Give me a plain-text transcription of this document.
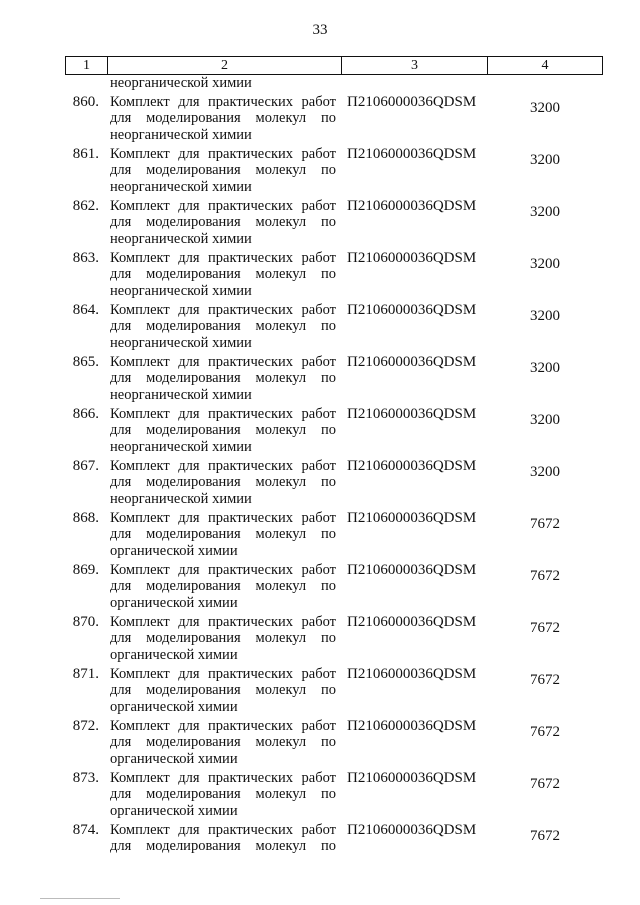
33
1	2	3	4
неорганической химии
860. Комплект для практических работ
для моделирования молекул по
неорганической химии
П2106000036QDSM	3200
861. Комплект для практических работ
для моделирования молекул по
неорганической химии
П2106000036QDSM	3200
862. Комплект для практических работ
для моделирования молекул по
неорганической химии
П2106000036QDSM	3200
863. Комплект для практических работ
для моделирования молекул по
неорганической химии
П2106000036QDSM	3200
864. Комплект для практических работ
для моделирования молекул по
неорганической химии
П2106000036QDSM	3200
865. Комплект для практических работ
для моделирования молекул по
неорганической химии
П2106000036QDSM	3200
866. Комплект для практических работ
для моделирования молекул по
неорганической химии
П2106000036QDSM	3200
867. Комплект для практических работ
для моделирования молекул по
неорганической химии
П2106000036QDSM	3200
868. Комплект для практических работ
для моделирования молекул по
органической химии
П2106000036QDSM	7672
869. Комплект для практических работ
для моделирования молекул по
органической химии
П2106000036QDSM	7672
870. Комплект для практических работ
для моделирования молекул по
органической химии
П2106000036QDSM	7672
871. Комплект для практических работ
для моделирования молекул по
органической химии
П2106000036QDSM	7672
872. Комплект для практических работ
для моделирования молекул по
органической химии
П2106000036QDSM	7672
873. Комплект для практических работ
для моделирования молекул по
органической химии
П2106000036QDSM	7672
874. Комплект для практических работ
для моделирования молекул по
П2106000036QDSM	7672
